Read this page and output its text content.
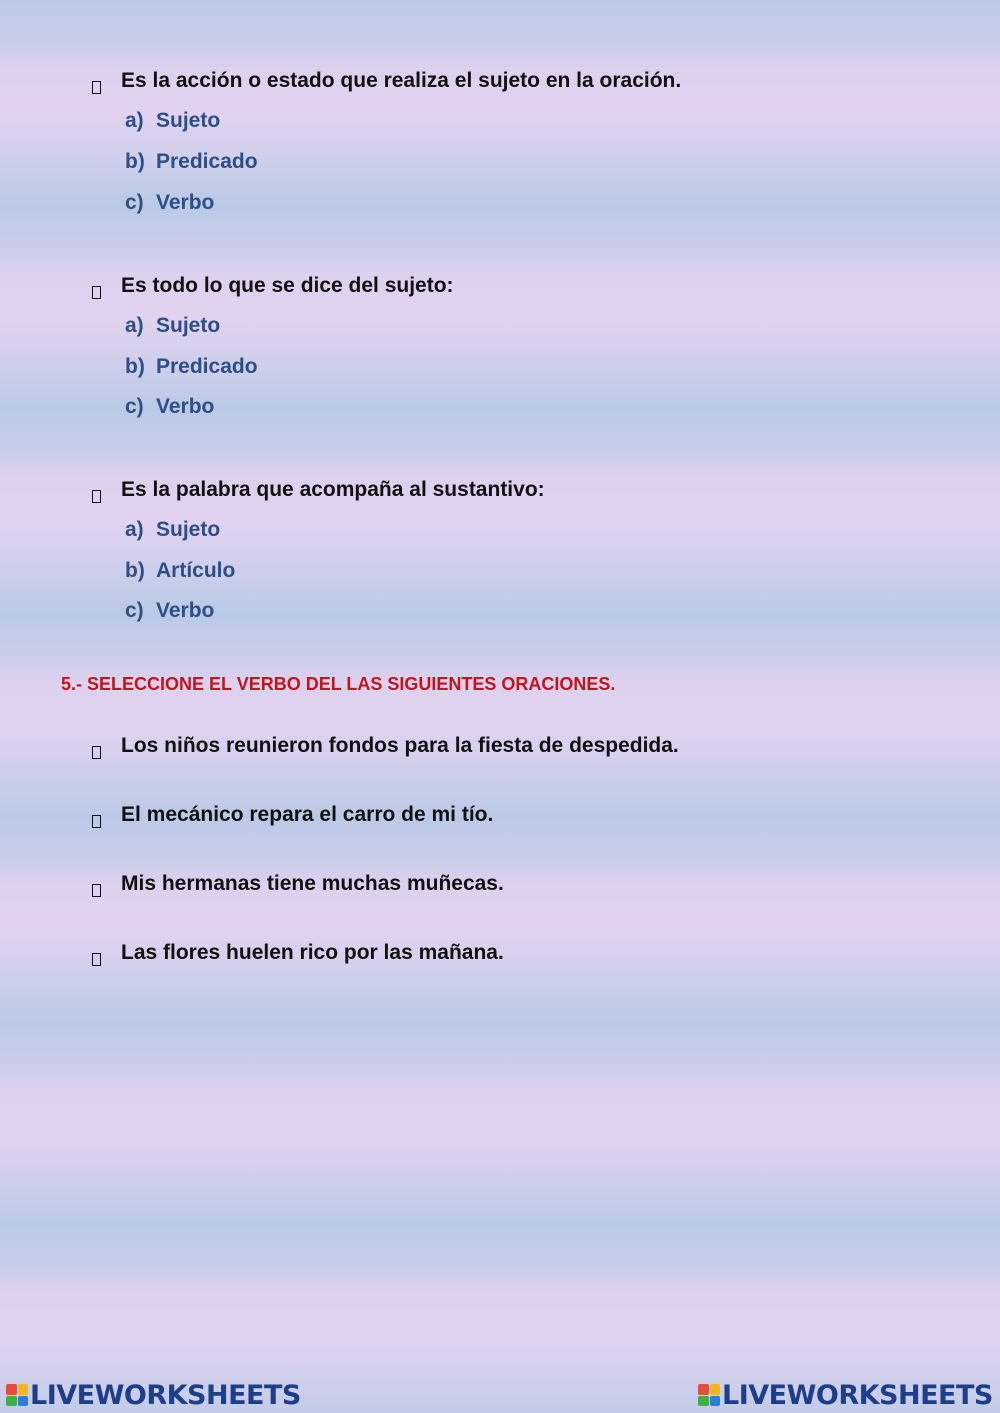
Es la acción o estado que realiza el sujeto en la oración.
a) Sujeto
b) Predicado
c) Verbo
Es todo lo que se dice del sujeto:
a) Sujeto
b) Predicado
c) Verbo
Es la palabra que acompaña al sustantivo:
a) Sujeto
b) Artículo
c) Verbo
5.- SELECCIONE EL VERBO DEL LAS SIGUIENTES ORACIONES.
Los niños reunieron fondos para la fiesta de despedida.
El mecánico repara el carro de mi tío.
Mis hermanas tiene muchas muñecas.
Las flores huelen rico por las mañana.
LIVEWORKSHEETS	LIVEWORKSHEETS
